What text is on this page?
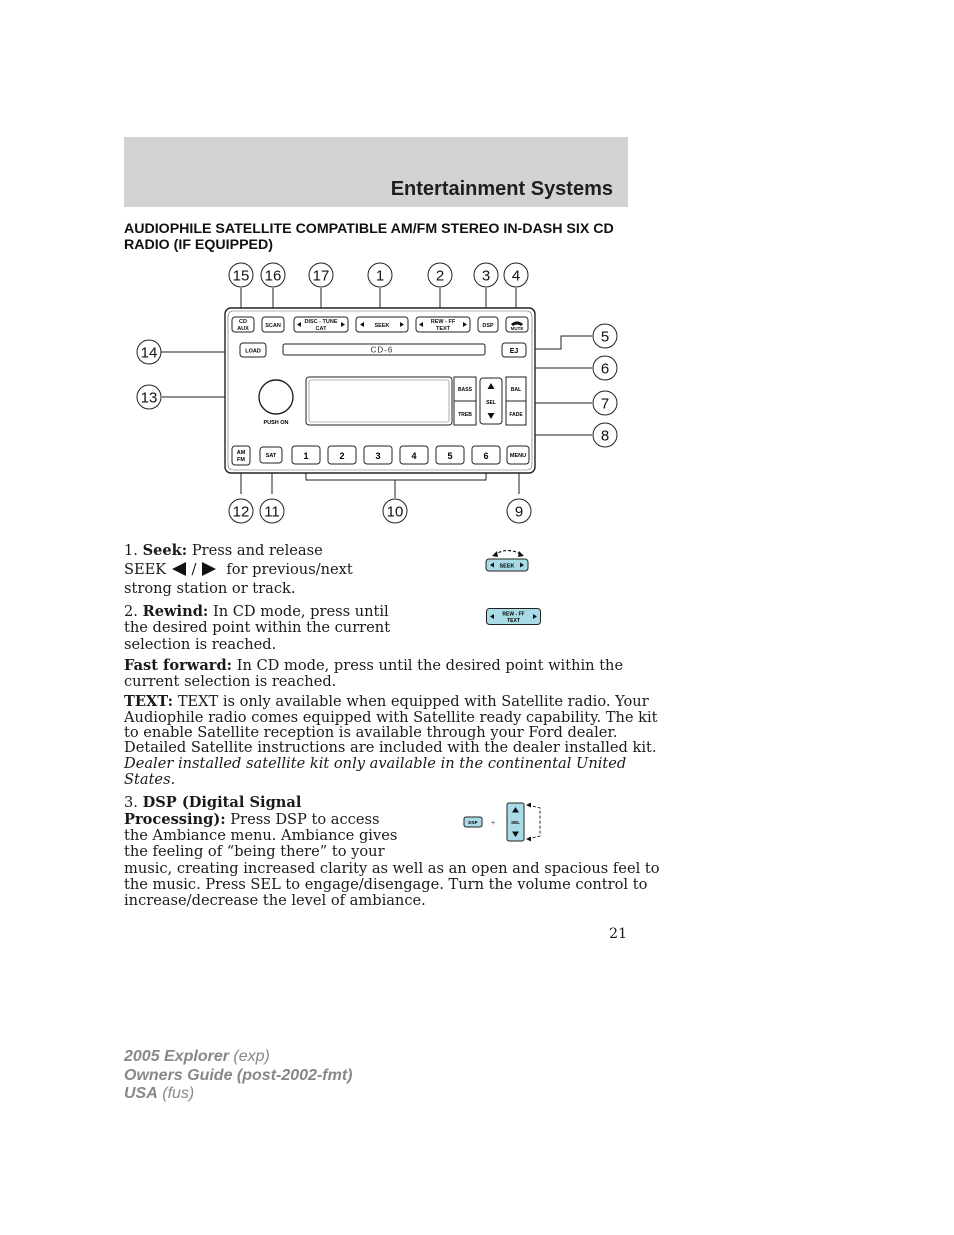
Entertainment Systems
AUDIOPHILE SATELLITE COMPATIBLE AM/FM STEREO IN-DASH SIX CD RADIO (IF EQUIPPED)
CD
AUX	SCAN
DISC - TUNE
CAT	SEEK
REW - FF
TEXT	DSP	MUTE
LOAD	CD-6	EJ
PUSH ON
BASS
TREB
SEL
BAL
FADE
AM
FM
SAT	1	2	3	4	5	6	MENU
15 16 17	1	2	3 4
5
6
7
8
14
13
12 11	10	9
1. Seek: Press and release
SEEK / for previous/next
strong station or track.
SEEK
2. Rewind: In CD mode, press until
the desired point within the current
selection is reached.
REW - FF
TEXT
Fast forward: In CD mode, press until the desired point within the
current selection is reached.
TEXT: TEXT is only available when equipped with Satellite radio. Your
Audiophile radio comes equipped with Satellite ready capability. The kit
to enable Satellite reception is available through your Ford dealer.
Detailed Satellite instructions are included with the dealer installed kit.
Dealer installed satellite kit only available in the continental United
States.
3. DSP (Digital Signal
Processing): Press DSP to access
the Ambiance menu. Ambiance gives
the feeling of “being there” to your
music, creating increased clarity as well as an open and spacious feel to
the music. Press SEL to engage/disengage. Turn the volume control to
increase/decrease the level of ambiance.
DSP +	SEL
21
2005 Explorer (exp)
Owners Guide (post-2002-fmt)
USA (fus)
